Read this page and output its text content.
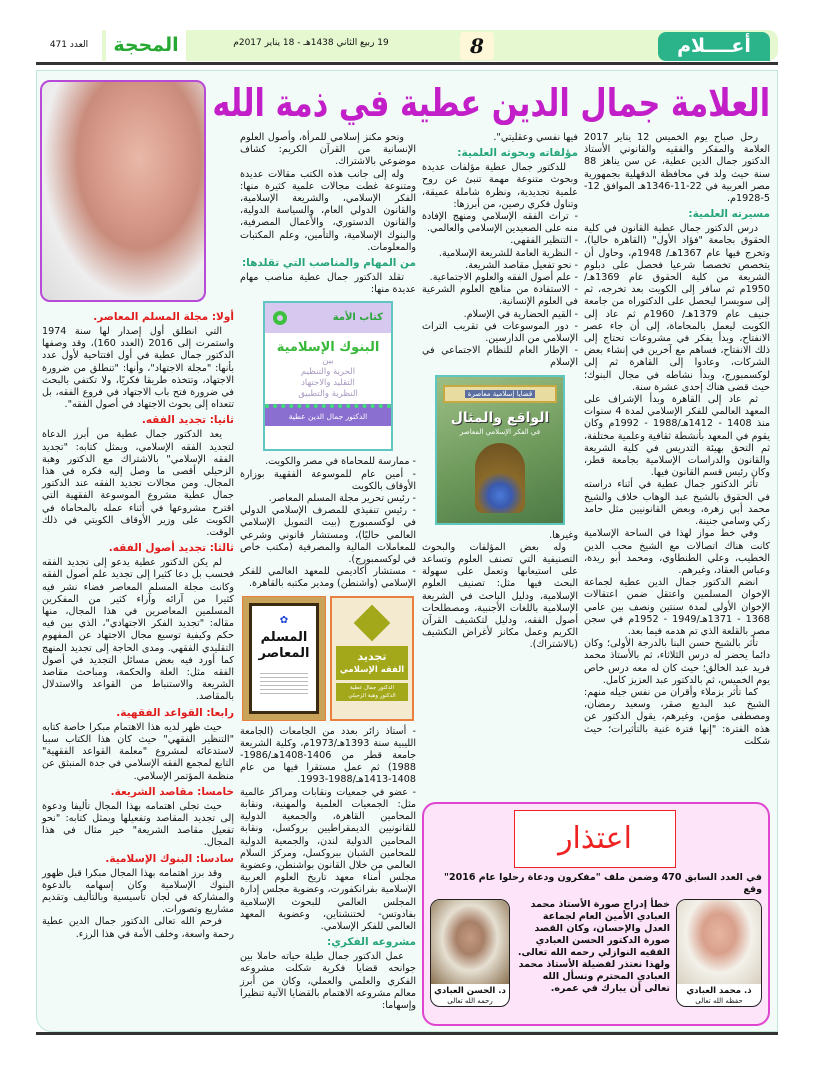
العدد 471	المحجة	19 ربيع الثاني 1438هـ - 18 يناير 2017م	8	أعــــلام
العلامة جمال الدين عطية في ذمة الله

رحل صباح يوم الخميس 12 يناير 2017 العلامة والمفكر والفقيه والقانوني الأستاذ الدكتور جمال الدين عطية، عن سن يناهز 88 سنة حيث ولد في محافظة الدقهلية بجمهورية مصر العربية في 22-11-1346هـ الموافق 12-5-1928م.

مسيرته العلمية:

درس الدكتور جمال عطية القانون في كلية الحقوق بجامعة "فؤاد الأول" (القاهرة حاليا)، وتخرج فيها عام 1367هـ/ 1948م، وحاول أن يتخصص تخصصا شرعيا فحصل على دبلوم الشريعة من كلية الحقوق عام 1369هـ/ 1950م ثم سافر إلى الكويت بعد تخرجه، ثم إلى سويسرا ليحصل على الدكتوراه من جامعة جنيف عام 1379هـ/ 1960م ثم عاد إلى الكويت ليعمل بالمحاماة، إلى أن جاء عصر الانفتاح، وبدأ يفكر في مشروعات تحتاج إلى ذلك الانفتاح، فساهم مع آخرين في إنشاء بعض الشركات، وعادوا إلى القاهرة ثم إلى لوكسمبورج، وبدأ نشاطه في مجال البنوك؛ حيث قضى هناك إحدى عشرة سنة.

ثم عاد إلى القاهرة وبدأ الإشراف على المعهد العالمي للفكر الإسلامي لمدة 4 سنوات منذ 1408 - 1412هـ/1988 - 1992م وكان يقوم في المعهد بأنشطة ثقافية وعلمية مختلفة، ثم التحق بهيئة التدريس في كلية الشريعة والقانون والدراسات الإسلامية بجامعة قطر، وكان رئيس قسم القانون فيها.

تأثر الدكتور جمال عطية في أثناء دراسته في الحقوق بالشيخ عبد الوهاب خلاف والشيخ محمد أبي زهرة، وبعض القانونيين مثل حامد زكي وسامي جنينة.

وفي خط مواز لهذا في الساحة الإسلامية كانت هناك اتصالات مع الشيخ محب الدين الخطيب، وعلي الطنطاوي، ومحمد أبو ريدة، وعباس العقاد، وغيرهم.

انضم الدكتور جمال الدين عطية لجماعة الإخوان المسلمين واعتقل ضمن اعتقالات الإخوان الأولى لمدة سنتين ونصف بين عامي 1368 - 1371هـ/1949 - 1952م في سجن مصر بالقلعة الذي تم هدمه فيما بعد.

تأثر بالشيخ حسن البنا بالدرجة الأولى؛ وكان دائما يحضر له درس الثلاثاء، ثم بالأستاذ محمد فريد عبد الخالق؛ حيث كان له معه درس خاص يوم الخميس، ثم بالدكتور عبد العزيز كامل.

كما تأثر بزملاء وأقران من نفس جيله منهم: الشيخ عبد البديع صقر، وسعيد رمضان، ومصطفى مؤمن، وغيرهم، يقول الدكتور عن هذه الفترة: "إنها فترة غنية بالتأثيرات؛ حيث شكلت

فيها نفسي وعقليتي".

مؤلفاته وبحوثه العلمية:

للدكتور جمال عطية مؤلفات عديدة وبحوث متنوعة مهمة تنبئ عن روح علمية تجديدية، ونظرة شاملة عميقة، وتناول فكري رصين، من أبرزها:

- تراث الفقه الإسلامي ومنهج الإفادة منه على الصعيدين الإسلامي والعالمي.

- التنظير الفقهي.

- النظرية العامة للشريعة الإسلامية.

- نحو تفعيل مقاصد الشريعة.

- علم أصول الفقه والعلوم الاجتماعية.

- الاستفادة من مناهج العلوم الشرعية في العلوم الإنسانية.

- القيم الحضارية في الإسلام.

- دور الموسوعات في تقريب التراث الإسلامي من الدارسين.

- الإطار العام للنظام الاجتماعي في الإسلام

قضايا إسلامية معاصرة
الواقع والمثال
في الفكر الإسلامي المعاصر

وغيرها.

وله بعض المؤلفات والبحوث التصنيفية التي تصنف العلوم وتساعد على استيعابها وتعمل على سهولة البحث فيها مثل: تصنيف العلوم الإسلامية، ودليل الباحث في الشريعة الإسلامية باللغات الأجنبية، ومصطلحات أصول الفقه، ودليل لتكشيف القرآن الكريم وعمل مكانز لأغراض التكشيف (بالاشتراك).

ونحو مكنز إسلامي للمرأة، وأصول العلوم الإنسانية من القرآن الكريم: كشاف موضوعي بالاشتراك.

وله إلى جانب هذه الكتب مقالات عديدة ومتنوعة غطت مجالات علمية كثيرة منها: الفكر الإسلامي، والشريعة الإسلامية، والقانون الدولي العام، والسياسة الدولية، والقانون الدستوري، والأعمال المصرفية، والبنوك الإسلامية، والتأمين، وعلم المكتبات والمعلومات.

من المهام والمناصب التي تقلدها:

تقلد الدكتور جمال عطية مناصب مهام عديدة منها:

كتاب الأمة
البنوك الإسلامية
بين
الحرية والتنظيم
التقليد والاجتهاد
النظرية والتطبيق
الدكتور جمال الدين عطية

- ممارسة للمحاماة في مصر والكويت.

- أمين عام للموسوعة الفقهية بوزارة الأوقاف بالكويت

- رئيس تحرير مجلة المسلم المعاصر.

- رئيس تنفيذي للمصرف الإسلامي الدولي في لوكسمبورج (بيت التمويل الإسلامي العالمي حاليًا)، ومستشار قانوني وشرعي للمعاملات المالية والمصرفية (مكتب خاص في لوكسمبورج).

- مستشار أكاديمي للمعهد العالمي للفكر الإسلامي (واشنطن) ومدير مكتبه بالقاهرة.

تجديد
الفقه الإسلامي
الدكتور جمال عطية
الدكتور وهبة الزحيلي
✿
المسلم
المعاصر

- أستاذ زائر بعدد من الجامعات (الجامعة الليبية سنة 1393هـ/1973م، وكلية الشريعة جامعة قطر من 1406-1408هـ/1986-1988) ثم عمل مستقرا فيها من عام 1408-1413هـ/1988-1993.

- عضو في جمعيات ونقابات ومراكز عالمية مثل: الجمعيات العلمية والمهنية، ونقابة المحامين القاهرة، والجمعية الدولية للقانونيين الديمقراطيين بروكسل، ونقابة المحامين الدولية لندن، والجمعية الدولية للمحامين الشبان ببروكسل، ومركز السلام العالمي من خلال القانون بواشنطن، وعضوية مجلس أمناء معهد تاريخ العلوم العربية الإسلامية بفرانكفورت، وعضوية مجلس إدارة المجلس العالمي للبحوث الإسلامية بفادوتس- لختنشتاين، وعضوية المعهد العالمي للفكر الإسلامي.

مشروعه الفكري:

عمل الدكتور جمال طيلة حياته حاملا بين جوانحه قضايا فكرية شكلت مشروعه الفكري والعلمي والعملي، وكان من أبرز معالم مشروعه الاهتمام بالقضايا الآتية تنظيرا وإسهاما:

أولا: مجلة المسلم المعاصر.

التي انطلق أول إصدار لها سنة 1974 واستمرت إلى 2016 (العدد 160)، وقد وصفها الدكتور جمال عطية في أول افتتاحية لأول عدد بأنها: "مجلة الاجتهاد"، وأنها: "تنطلق من ضرورة الاجتهاد، وتتخذه طريقا فكريًا، ولا تكتفي بالبحث في ضرورة فتح باب الاجتهاد في فروع الفقه، بل تتعداه إلى بحوث الاجتهاد في أصول الفقه".

ثانيا: تجديد الفقه.

يعد الدكتور جمال عطية من أبرز الدعاة لتجديد الفقه الإسلامي، ويمثل كتابه: "تجديد الفقه الإسلامي" بالاشتراك مع الدكتور وهبة الزحيلي أقصى ما وصل إليه فكره في هذا المجال. ومن مجالات تجديد الفقه عند الدكتور جمال عطية مشروع الموسوعة الفقهية التي اقترح مشروعها في أثناء عمله بالمحاماة في الكويت على وزير الأوقاف الكويتي في ذلك الوقت.

ثالثا: تجديد أصول الفقه.

لم يكن الدكتور عطية يدعو إلى تجديد الفقه فحسب بل دعا كثيرا إلى تجديد علم أصول الفقه وكانت مجلة المسلم المعاصر فضاء نشر فيه كثيرا من آرائه وآراء كثير من المفكرين المسلمين المعاصرين في هذا المجال، منها مقاله: "تجديد الفكر الاجتهادي"، الذي بين فيه حكم وكيفية توسيع مجال الاجتهاد عن المفهوم التقليدي الفقهي. ومدى الحاجة إلى تجديد المنهج كما أورد فيه بعض مسائل التجديد في أصول الفقه مثل: العلة والحكمة، ومباحث مقاصد الشريعة والاستنباط من القواعد والاستدلال بالمقاصد.

رابعا: القواعد الفقهية.

حيث ظهر لديه هذا الاهتمام مبكرا خاصة كتابه "التنظير الفقهي" حيث كان هذا الكتاب سببا لاستدعائه لمشروع "معلمة القواعد الفقهية" التابع لمجمع الفقه الإسلامي في جدة المنبثق عن منظمة المؤتمر الإسلامي.

خامسا: مقاصد الشريعة.

حيث تجلى اهتمامه بهذا المجال تأليفا ودعوة إلى تجديد المقاصد وتفعيلها ويمثل كتابه: "نحو تفعيل مقاصد الشريعة" خير مثال في هذا المجال.

سادسا: البنوك الإسلامية.

وقد برز اهتمامه بهذا المجال مبكرا قبل ظهور البنوك الإسلامية وكان إسهامه بالدعوة والمشاركة في لجان تأسيسية وبالتأليف وتقديم مشاريع وتصورات.

فرحم الله تعالى الدكتور جمال الدين عطية رحمة واسعة، وخلف الأمة في هذا الرزء.

اعتذار
في العدد السابق 470 وضمن ملف "مفكرون ودعاة رحلوا عام 2016" وقع
ذ. محمد العبادي
حفظه الله تعالى
د. الحسن العبادي
رحمه الله تعالى
خطأ إدراج صورة الأستاذ محمد العبادي الأمين العام لجماعة العدل والإحسان، وكان القصد صورة الدكتور الحسن العبادي الفقيه النوازلي رحمه الله تعالى. ولهذا نعتذر لفضيلة الأستاذ محمد العبادي المحترم ونسأل الله تعالى أن يبارك في عمره.
